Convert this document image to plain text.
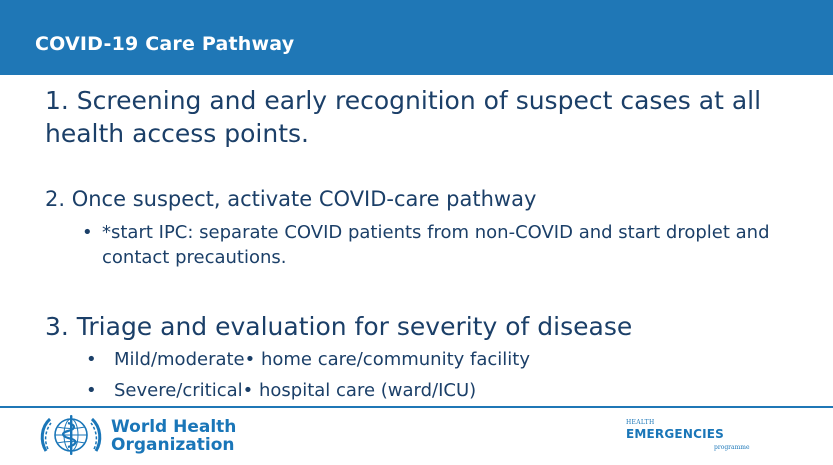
COVID-19 Care Pathway
1. Screening and early recognition of suspect cases at all health access points.
2. Once suspect, activate COVID-care pathway
• *start IPC: separate COVID patients from non-COVID and start droplet and contact precautions.
3. Triage and evaluation for severity of disease
• Mild/moderate• home care/community facility
• Severe/critical• hospital care (ward/ICU)
World Health
Organization
HEALTH
EMERGENCIES
programme
